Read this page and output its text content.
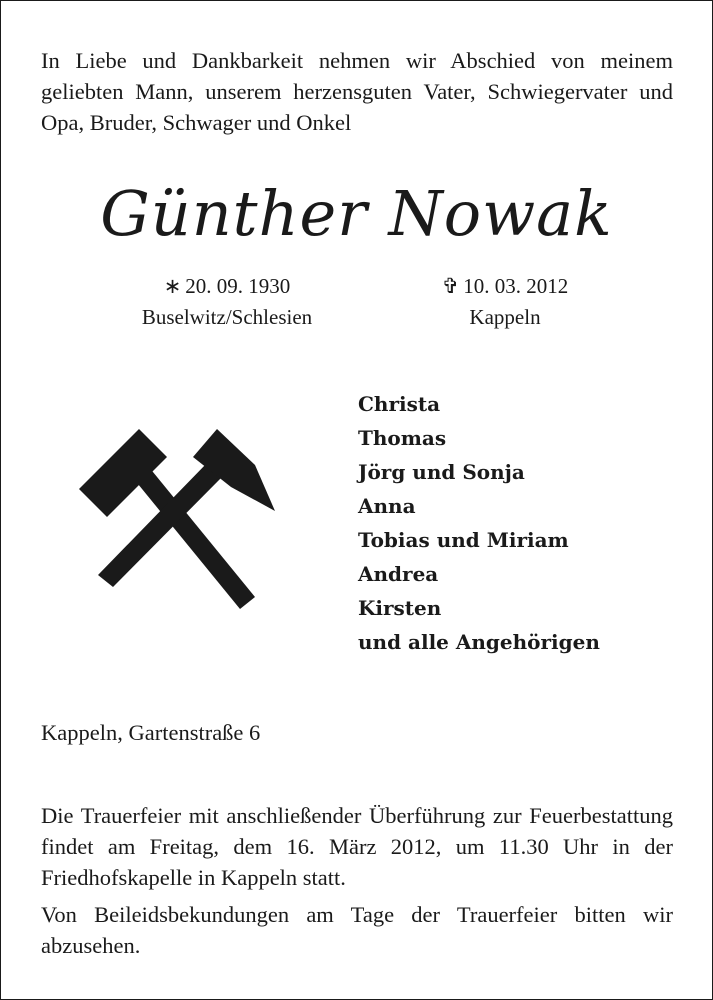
In Liebe und Dankbarkeit nehmen wir Abschied von meinem geliebten Mann, unserem herzensguten Vater, Schwiegervater und Opa, Bruder, Schwager und Onkel
Günther Nowak
∗ 20. 09. 1930
Buselwitz/Schlesien
✞ 10. 03. 2012
Kappeln
Christa
Thomas
Jörg und Sonja
Anna
Tobias und Miriam
Andrea
Kirsten
und alle Angehörigen
Kappeln, Gartenstraße 6
Die Trauerfeier mit anschließender Überführung zur Feuerbestattung findet am Freitag, dem 16. März 2012, um 11.30 Uhr in der Friedhofskapelle in Kappeln statt.
Von Beileidsbekundungen am Tage der Trauerfeier bitten wir abzusehen.
